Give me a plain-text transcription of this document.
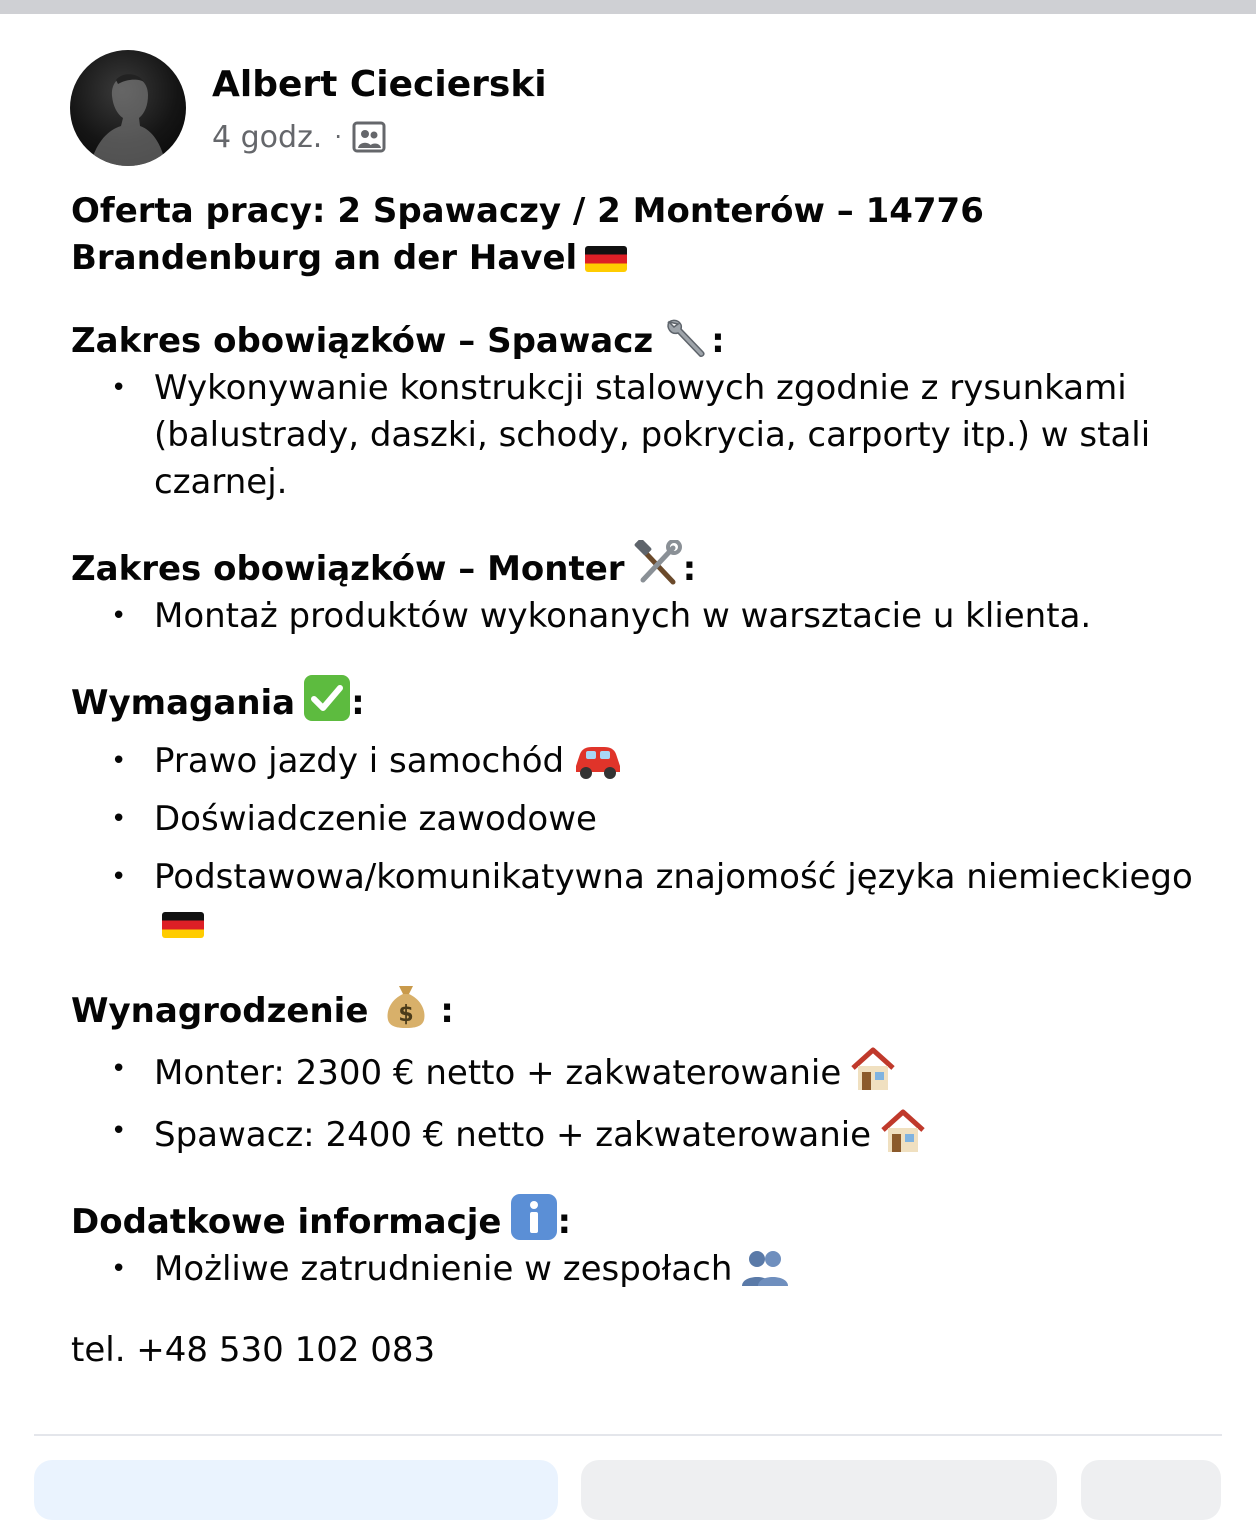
Albert Ciecierski
4 godz. ·
Oferta pracy: 2 Spawaczy / 2 Monterów – 14776
Brandenburg an der Havel
Zakres obowiązków – Spawacz :
• Wykonywanie konstrukcji stalowych zgodnie z rysunkami (balustrady, daszki, schody, pokrycia, carporty itp.) w stali czarnej.
Zakres obowiązków – Monter :
• Montaż produktów wykonanych w warsztacie u klienta.
Wymagania :
• Prawo jazdy i samochód
• Doświadczenie zawodowe
• Podstawowa/komunikatywna znajomość języka niemieckiego
Wynagrodzenie $ :
• Monter: 2300 € netto + zakwaterowanie
• Spawacz: 2400 € netto + zakwaterowanie
Dodatkowe informacje :
• Możliwe zatrudnienie w zespołach
tel. +48 530 102 083
